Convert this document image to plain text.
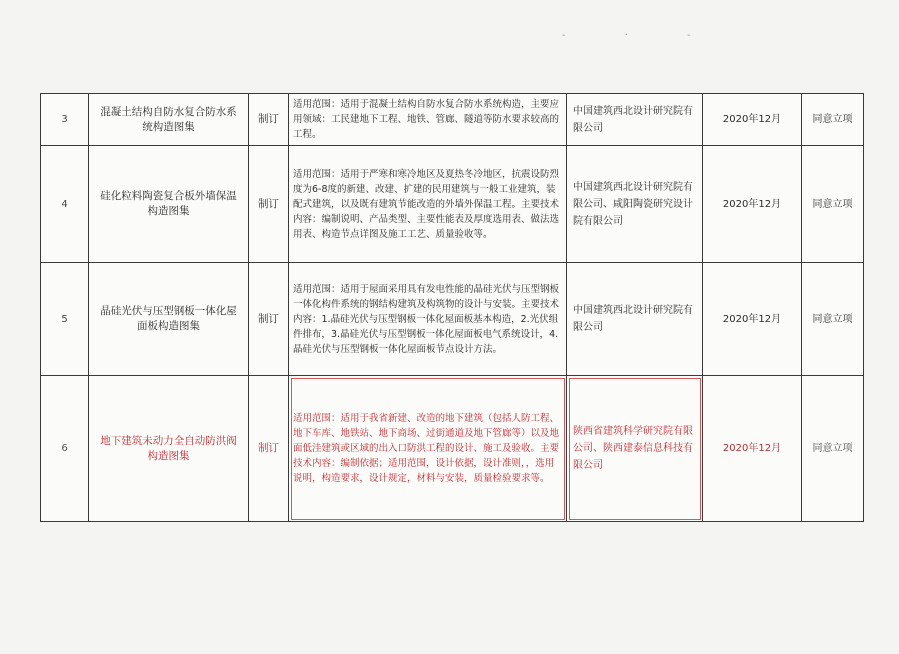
- · -
3	混凝土结构自防水复合防水系统构造图集	制订	适用范围：适用于混凝土结构自防水复合防水系统构造，主要应用领域：工民建地下工程、地铁、管廊、隧道等防水要求较高的工程。	中国建筑西北设计研究院有限公司	2020年12月	同意立项
4	硅化粒料陶瓷复合板外墙保温构造图集	制订	适用范围：适用于严寒和寒冷地区及夏热冬冷地区，抗震设防烈度为6-8度的新建、改建、扩建的民用建筑与一般工业建筑，装配式建筑，以及既有建筑节能改造的外墙外保温工程。主要技术内容：编制说明、产品类型、主要性能表及厚度选用表、做法选用表、构造节点详图及施工工艺、质量验收等。	中国建筑西北设计研究院有限公司、咸阳陶瓷研究设计院有限公司	2020年12月	同意立项
5	晶硅光伏与压型钢板一体化屋面板构造图集	制订	适用范围：适用于屋面采用具有发电性能的晶硅光伏与压型钢板一体化构件系统的钢结构建筑及构筑物的设计与安装。主要技术内容：1.晶硅光伏与压型钢板一体化屋面板基本构造，2.光伏组件排布，3.晶硅光伏与压型钢板一体化屋面板电气系统设计，4.晶硅光伏与压型钢板一体化屋面板节点设计方法。	中国建筑西北设计研究院有限公司	2020年12月	同意立项
6	地下建筑未动力全自动防洪阀构造图集	制订	适用范围：适用于我省新建、改造的地下建筑（包括人防工程、地下车库、地铁站、地下商场、过街通道及地下管廊等）以及地面低洼建筑或区域的出入口防洪工程的设计、施工及验收。主要技术内容：编制依据；适用范围，设计依据，设计准则，，选用说明，构造要求，设计规定，材料与安装，质量检验要求等。	陕西省建筑科学研究院有限公司、陕西建泰信息科技有限公司	2020年12月	同意立项
